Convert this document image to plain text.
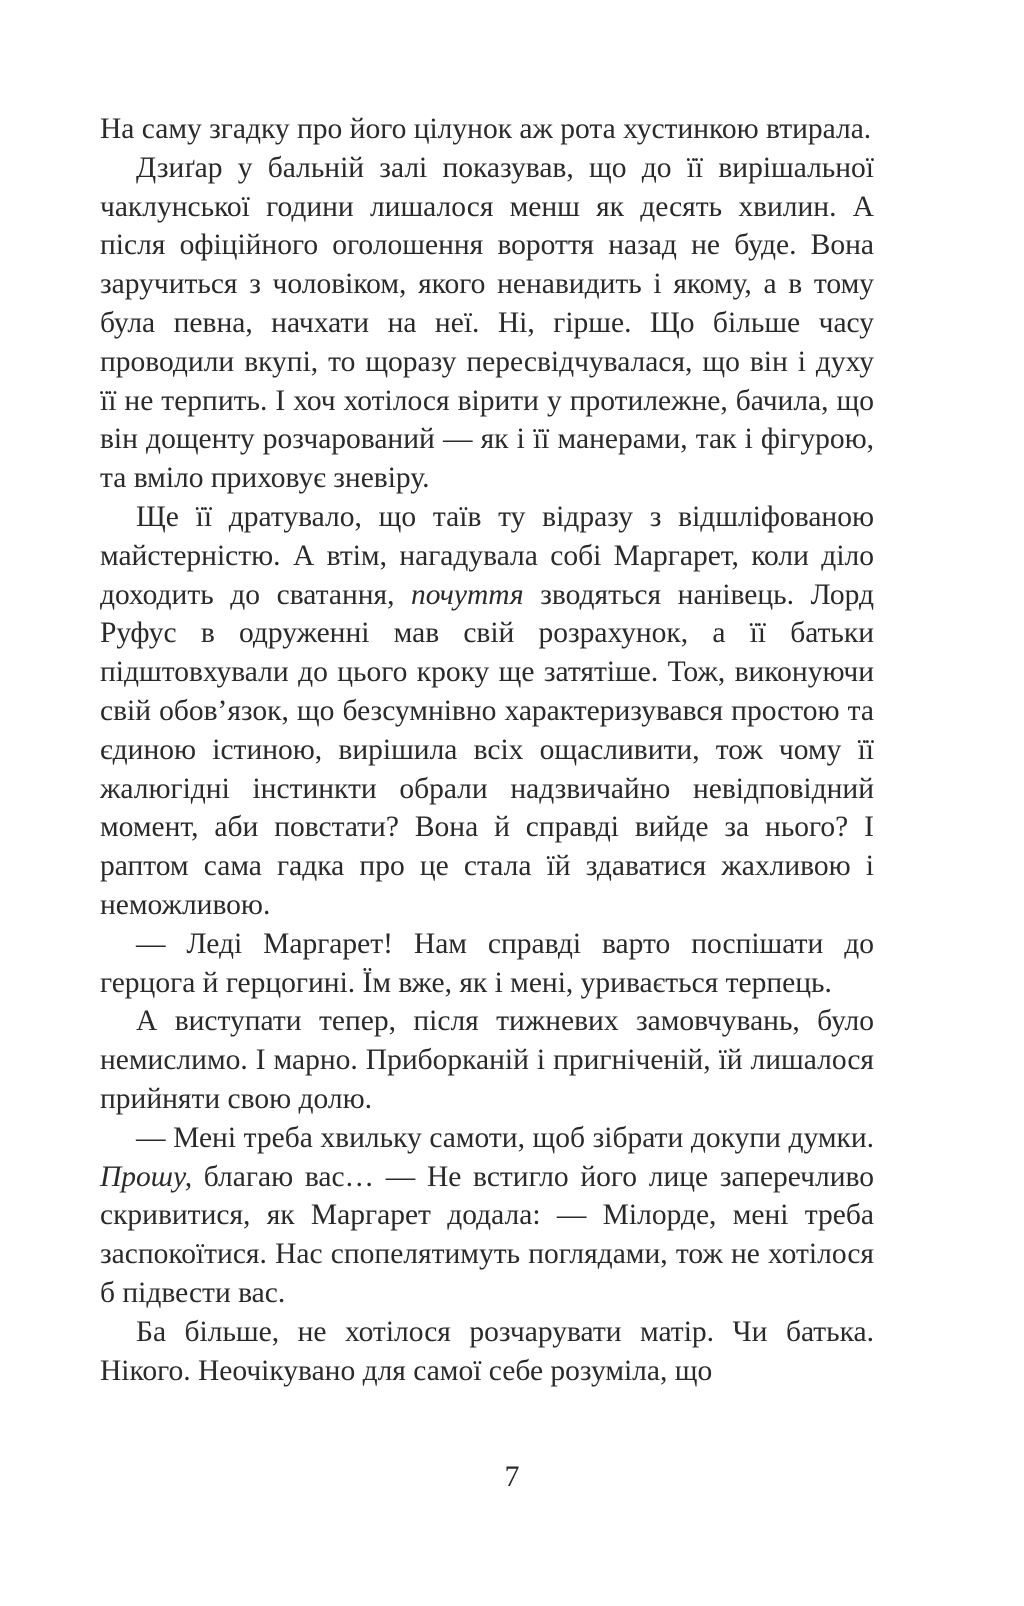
На саму згадку про його цілунок аж рота хустинкою втирала.

Дзиґар у бальній залі показував, що до її вирішальної чаклунської години лишалося менш як десять хвилин. А після офіційного оголошення вороття назад не буде. Вона заручиться з чоловіком, якого ненавидить і якому, а в тому була певна, начхати на неї. Ні, гірше. Що більше часу проводили вкупі, то щоразу пересвідчувалася, що він і духу її не терпить. І хоч хотілося вірити у протилежне, бачила, що він дощенту розчарований — як і її манерами, так і фігурою, та вміло приховує зневіру.

Ще її дратувало, що таїв ту відразу з відшліфованою майстерністю. А втім, нагадувала собі Маргарет, коли діло доходить до сватання, почуття зводяться нанівець. Лорд Руфус в одруженні мав свій розрахунок, а її батьки підштовхували до цього кроку ще затятіше. Тож, виконуючи свій обов’язок, що безсумнівно характеризувався простою та єдиною істиною, вирішила всіх ощасливити, тож чому її жалюгідні інстинкти обрали надзвичайно невідповідний момент, аби повстати? Вона й справді вийде за нього? І раптом сама гадка про це стала їй здаватися жахливою і неможливою.

— Леді Маргарет! Нам справді варто поспішати до герцога й герцогині. Їм вже, як і мені, уривається терпець.

А виступати тепер, після тижневих замовчувань, було немислимо. І марно. Приборканій і пригніченій, їй лишалося прийняти свою долю.

— Мені треба хвильку самоти, щоб зібрати докупи думки. Прошу, благаю вас… — Не встигло його лице заперечливо скривитися, як Маргарет додала: — Мілорде, мені треба заспокоїтися. Нас спопелятимуть поглядами, тож не хотілося б підвести вас.

Ба більше, не хотілося розчарувати матір. Чи батька. Нікого. Неочікувано для самої себе розуміла, що

7
